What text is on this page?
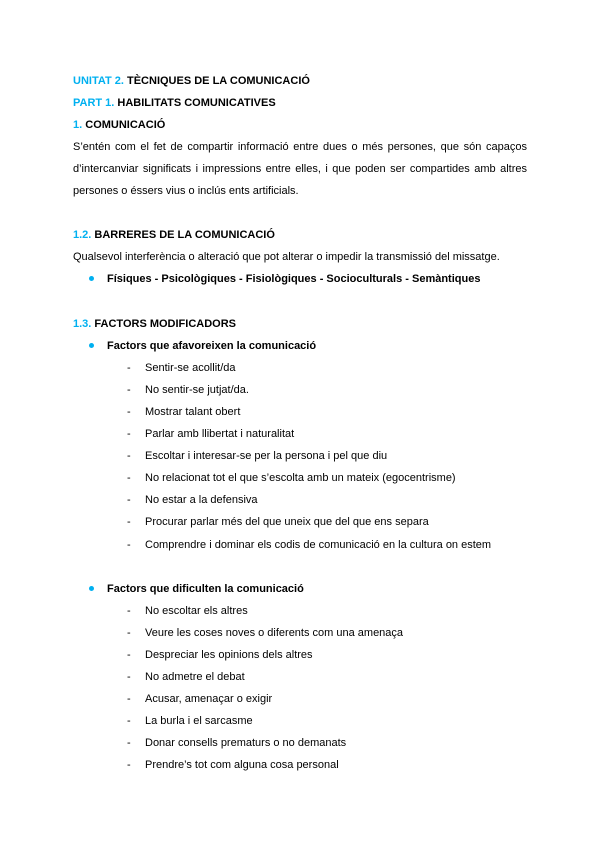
UNITAT 2. TÈCNIQUES DE LA COMUNICACIÓ
PART 1. HABILITATS COMUNICATIVES
1. COMUNICACIÓ
S’entén com el fet de compartir informació entre dues o més persones, que són capaços d’intercanviar significats i impressions entre elles, i que poden ser compartides amb altres persones o éssers vius o inclús ents artificials.
1.2. BARRERES DE LA COMUNICACIÓ
Qualsevol interferència o alteració que pot alterar o impedir la transmissió del missatge.
Físiques - Psicològiques - Fisiològiques - Socioculturals - Semàntiques
1.3. FACTORS MODIFICADORS
Factors que afavoreixen la comunicació
- Sentir-se acollit/da
- No sentir-se jutjat/da.
- Mostrar talant obert
- Parlar amb llibertat i naturalitat
- Escoltar i interesar-se per la persona i pel que diu
- No relacionat tot el que s’escolta amb un mateix (egocentrisme)
- No estar a la defensiva
- Procurar parlar més del que uneix que del que ens separa
- Comprendre i dominar els codis de comunicació en la cultura on estem
Factors que dificulten la comunicació
- No escoltar els altres
- Veure les coses noves o diferents com una amenaça
- Despreciar les opinions dels altres
- No admetre el debat
- Acusar, amenaçar o exigir
- La burla i el sarcasme
- Donar consells prematurs o no demanats
- Prendre’s tot com alguna cosa personal
